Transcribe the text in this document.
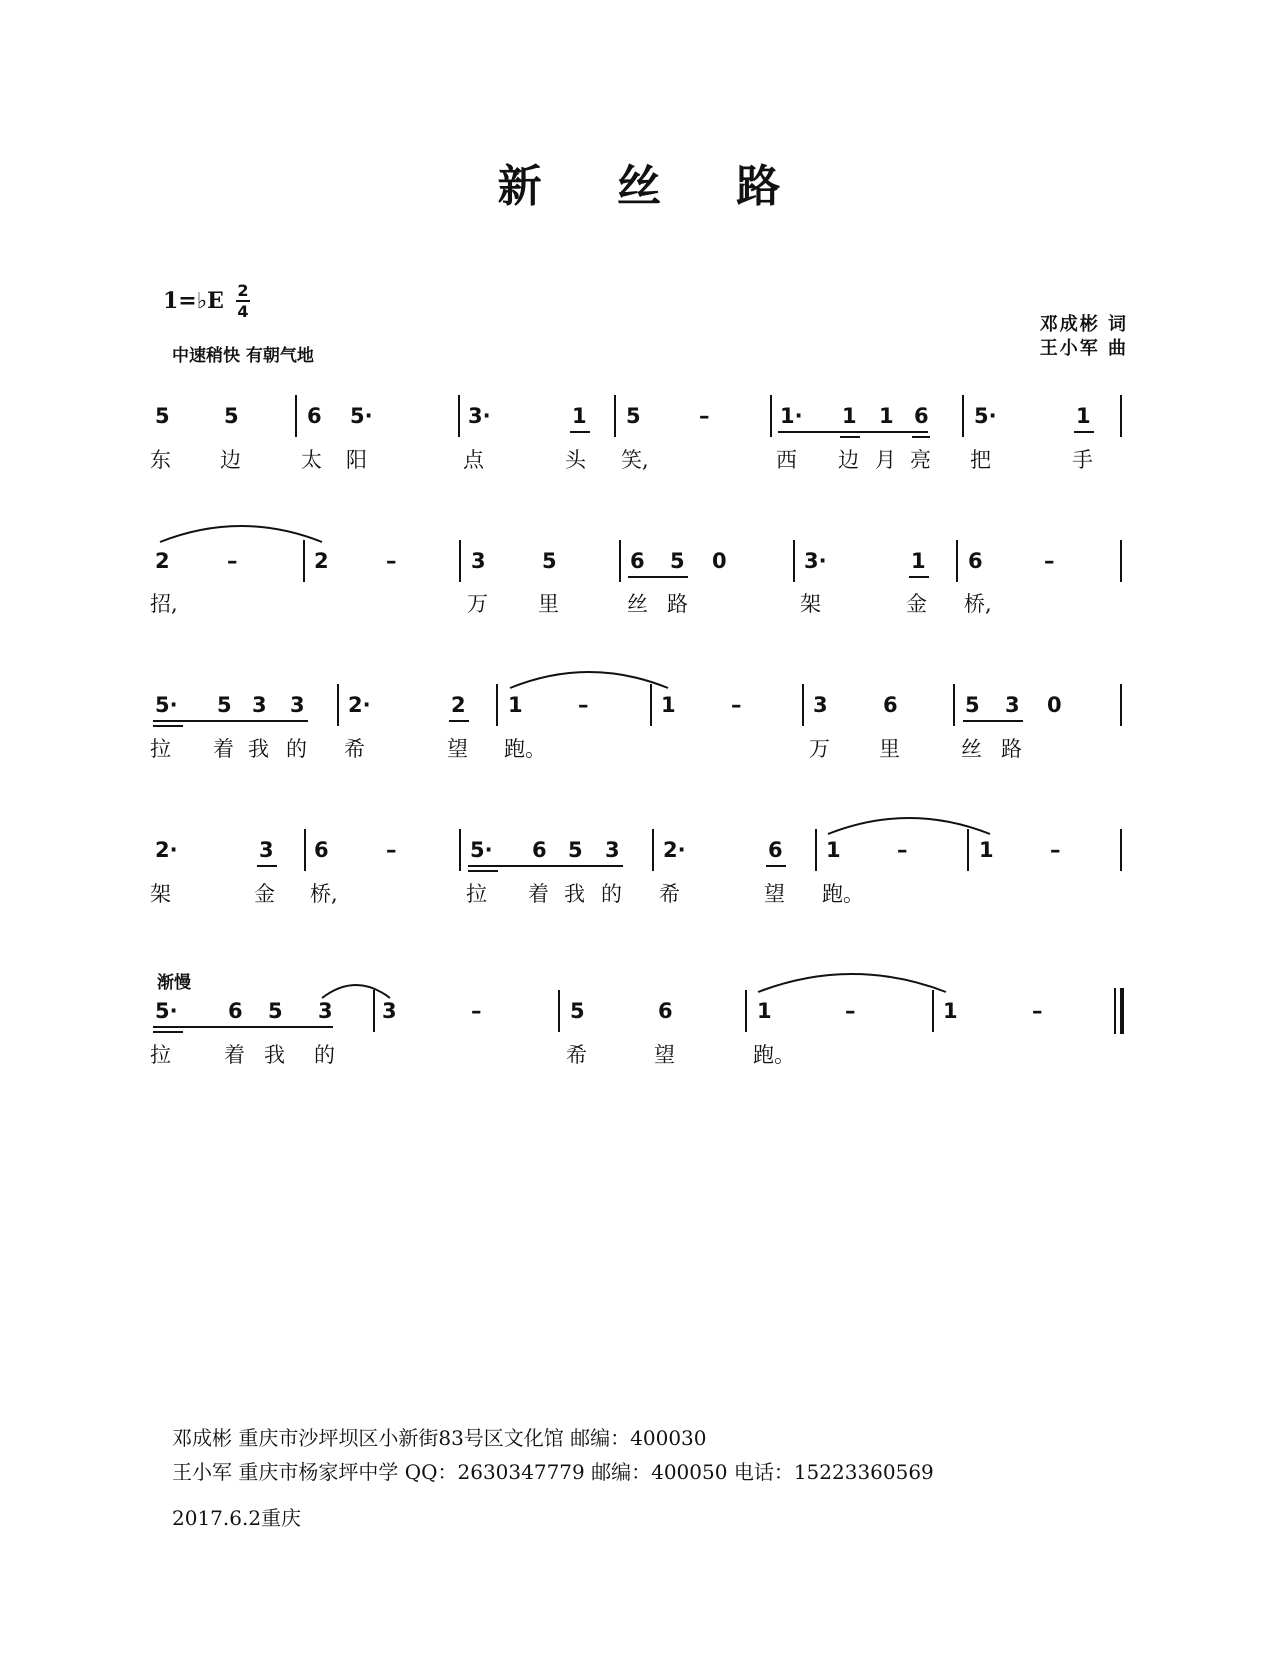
新 丝 路
1=♭E 2
4
中速稍快 有朝气地
邓成彬 词
王小军 曲
5	5	6 5·	3·	1 5	–	1· 1 1 6 5·	1
东 边	太 阳	点	头 笑,	西 边 月 亮 把	手
2	–	2	–	3	5	6 5 0	3·	1 6	–
招,	万 里	丝 路	架	金 桥,
5· 5 3 3 2·	2 1	–	1	–	3	6	5 3 0
拉 着 我 的 希	望 跑。	万 里	丝 路
2·	3 6	–	5· 6 5 3 2·	6 1	–	1	–
架	金 桥,	拉 着 我 的 希	望 跑。
渐慢
5· 6 5 3 3	–	5	6	1	–	1	–
拉	着 我 的	希	望	跑。
邓成彬 重庆市沙坪坝区小新街83号区文化馆 邮编：400030
王小军 重庆市杨家坪中学 QQ：2630347779 邮编：400050 电话：15223360569
2017.6.2重庆
